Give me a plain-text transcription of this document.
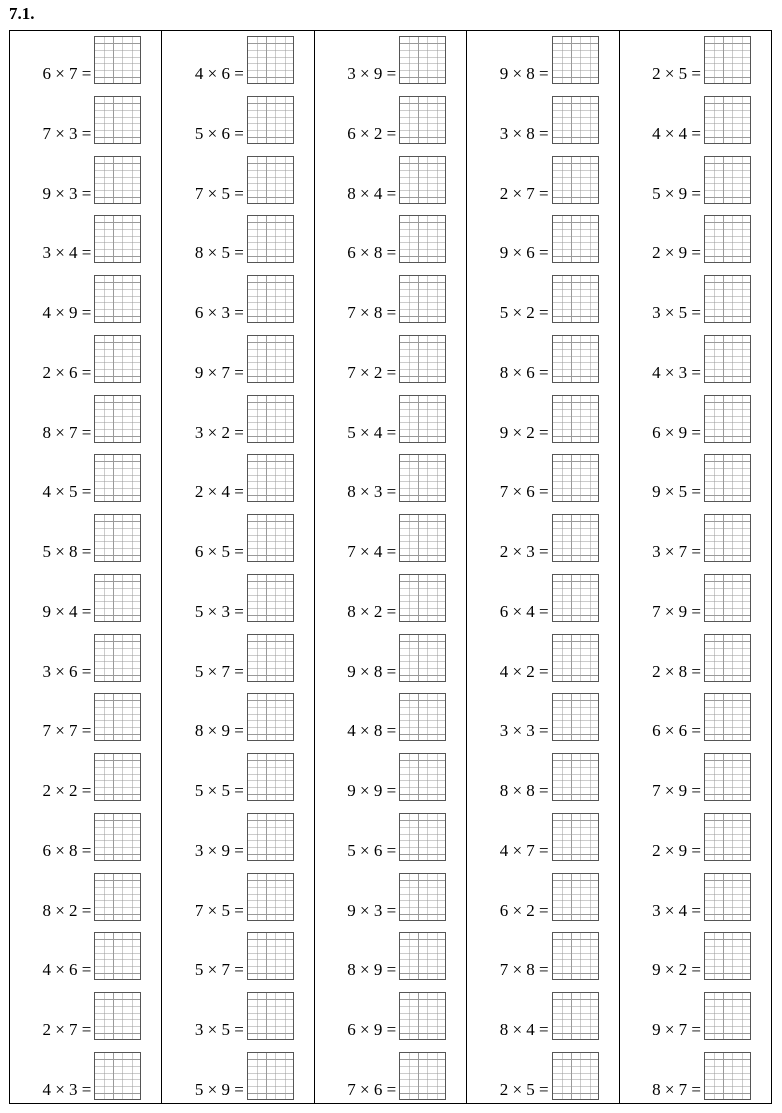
7.1.
6 × 7 =
7 × 3 =
9 × 3 =
3 × 4 =
4 × 9 =
2 × 6 =
8 × 7 =
4 × 5 =
5 × 8 =
9 × 4 =
3 × 6 =
7 × 7 =
2 × 2 =
6 × 8 =
8 × 2 =
4 × 6 =
2 × 7 =
4 × 3 =
4 × 6 =
5 × 6 =
7 × 5 =
8 × 5 =
6 × 3 =
9 × 7 =
3 × 2 =
2 × 4 =
6 × 5 =
5 × 3 =
5 × 7 =
8 × 9 =
5 × 5 =
3 × 9 =
7 × 5 =
5 × 7 =
3 × 5 =
5 × 9 =
3 × 9 =
6 × 2 =
8 × 4 =
6 × 8 =
7 × 8 =
7 × 2 =
5 × 4 =
8 × 3 =
7 × 4 =
8 × 2 =
9 × 8 =
4 × 8 =
9 × 9 =
5 × 6 =
9 × 3 =
8 × 9 =
6 × 9 =
7 × 6 =
9 × 8 =
3 × 8 =
2 × 7 =
9 × 6 =
5 × 2 =
8 × 6 =
9 × 2 =
7 × 6 =
2 × 3 =
6 × 4 =
4 × 2 =
3 × 3 =
8 × 8 =
4 × 7 =
6 × 2 =
7 × 8 =
8 × 4 =
2 × 5 =
2 × 5 =
4 × 4 =
5 × 9 =
2 × 9 =
3 × 5 =
4 × 3 =
6 × 9 =
9 × 5 =
3 × 7 =
7 × 9 =
2 × 8 =
6 × 6 =
7 × 9 =
2 × 9 =
3 × 4 =
9 × 2 =
9 × 7 =
8 × 7 =
